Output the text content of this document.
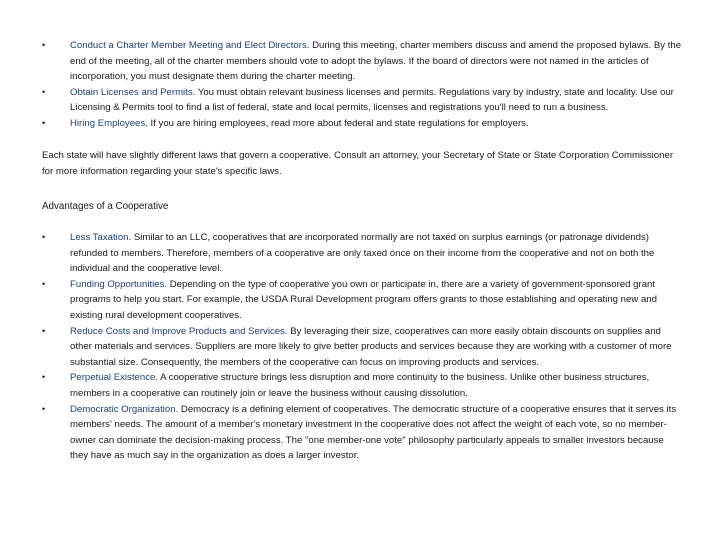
•	Conduct a Charter Member Meeting and Elect Directors. During this meeting, charter members discuss and amend the proposed bylaws. By the end of the meeting, all of the charter members should vote to adopt the bylaws. If the board of directors were not named in the articles of incorporation, you must designate them during the charter meeting.
•	Obtain Licenses and Permits. You must obtain relevant business licenses and permits. Regulations vary by industry, state and locality. Use our Licensing & Permits tool to find a list of federal, state and local permits, licenses and registrations you'll need to run a business.
•	Hiring Employees. If you are hiring employees, read more about federal and state regulations for employers.

Each state will have slightly different laws that govern a cooperative. Consult an attorney, your Secretary of State or State Corporation Commissioner for more information regarding your state's specific laws.

Advantages of a Cooperative
•	Less Taxation. Similar to an LLC, cooperatives that are incorporated normally are not taxed on surplus earnings (or patronage dividends) refunded to members. Therefore, members of a cooperative are only taxed once on their income from the cooperative and not on both the individual and the cooperative level.
•	Funding Opportunities. Depending on the type of cooperative you own or participate in, there are a variety of government-sponsored grant programs to help you start. For example, the USDA Rural Development program offers grants to those establishing and operating new and existing rural development cooperatives.
•	Reduce Costs and Improve Products and Services. By leveraging their size, cooperatives can more easily obtain discounts on supplies and other materials and services. Suppliers are more likely to give better products and services because they are working with a customer of more substantial size. Consequently, the members of the cooperative can focus on improving products and services.
•	Perpetual Existence. A cooperative structure brings less disruption and more continuity to the business. Unlike other business structures, members in a cooperative can routinely join or leave the business without causing dissolution.
•	Democratic Organization. Democracy is a defining element of cooperatives. The democratic structure of a cooperative ensures that it serves its members' needs. The amount of a member's monetary investment in the cooperative does not affect the weight of each vote, so no member-owner can dominate the decision-making process. The "one member-one vote" philosophy particularly appeals to smaller investors because they have as much say in the organization as does a larger investor.
